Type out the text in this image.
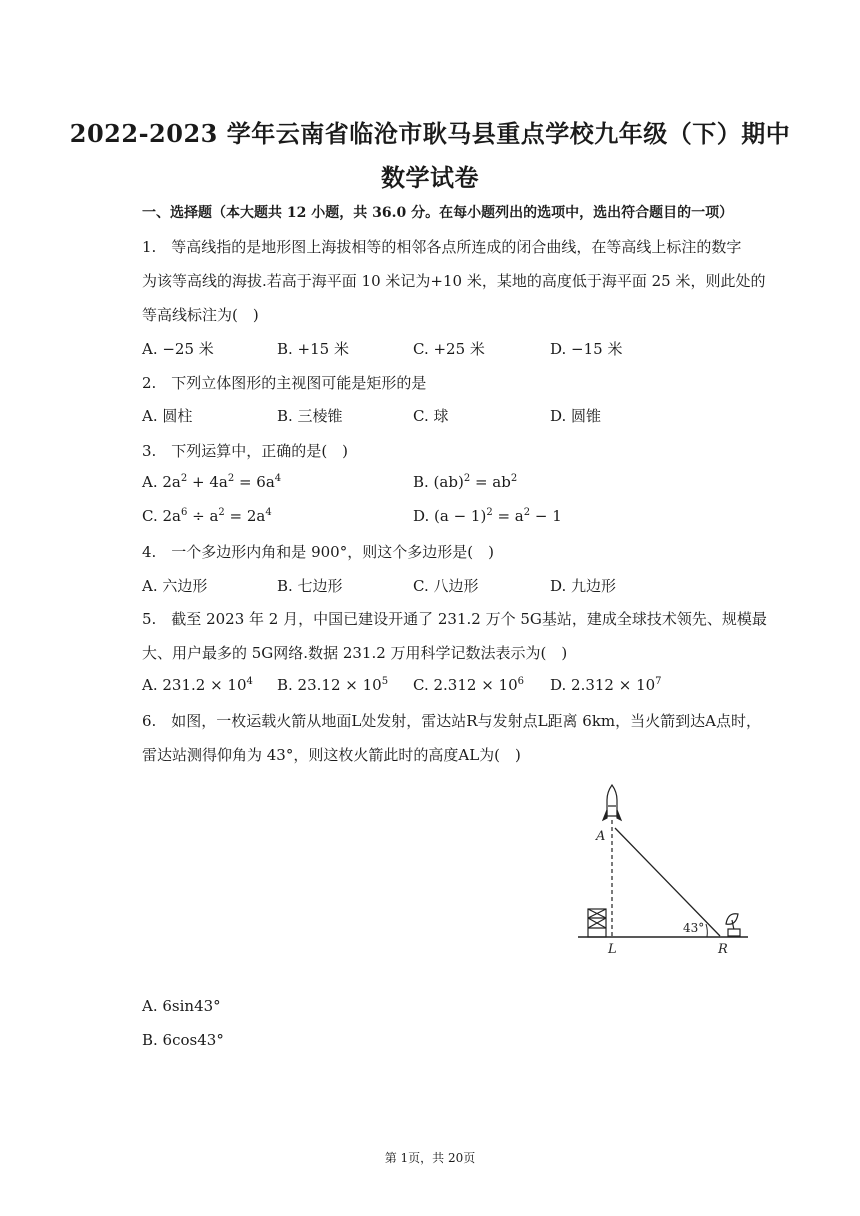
2022-2023 学年云南省临沧市耿马县重点学校九年级（下）期中
数学试卷
一、选择题（本大题共 12 小题，共 36.0 分。在每小题列出的选项中，选出符合题目的一项）
1.　等高线指的是地形图上海拔相等的相邻各点所连成的闭合曲线，在等高线上标注的数字
为该等高线的海拔.若高于海平面 10 米记为+10 米，某地的高度低于海平面 25 米，则此处的
等高线标注为(　)
A. −25 米	B. +15 米	C. +25 米	D. −15 米
2.　下列立体图形的主视图可能是矩形的是
A. 圆柱	B. 三棱锥	C. 球	D. 圆锥
3.　下列运算中，正确的是(　)
A. $2a^2 + 4a^2 = 6a^4$	B. $(ab)^2 = ab^2$
C. $2a^6 \div a^2 = 2a^4$	D. $(a - 1)^2 = a^2 - 1$
4.　一个多边形内角和是 900°，则这个多边形是(　)
A. 六边形	B. 七边形	C. 八边形	D. 九边形
5.　截至 2023 年 2 月，中国已建设开通了 231.2 万个 5G基站，建成全球技术领先、规模最
大、用户最多的 5G网络.数据 231.2 万用科学记数法表示为(　)
A. $231.2 \times 10^4$ B. $23.12 \times 10^5$ C. $2.312 \times 10^6$ D. $2.312 \times 10^7$
6.　如图，一枚运载火箭从地面L处发射，雷达站R与发射点L距离 6km，当火箭到达A点时，
雷达站测得仰角为 43°，则这枚火箭此时的高度AL为(　)
A
L	R
43°
A. 6sin43°
B. 6cos43°
第 1页，共 20页
